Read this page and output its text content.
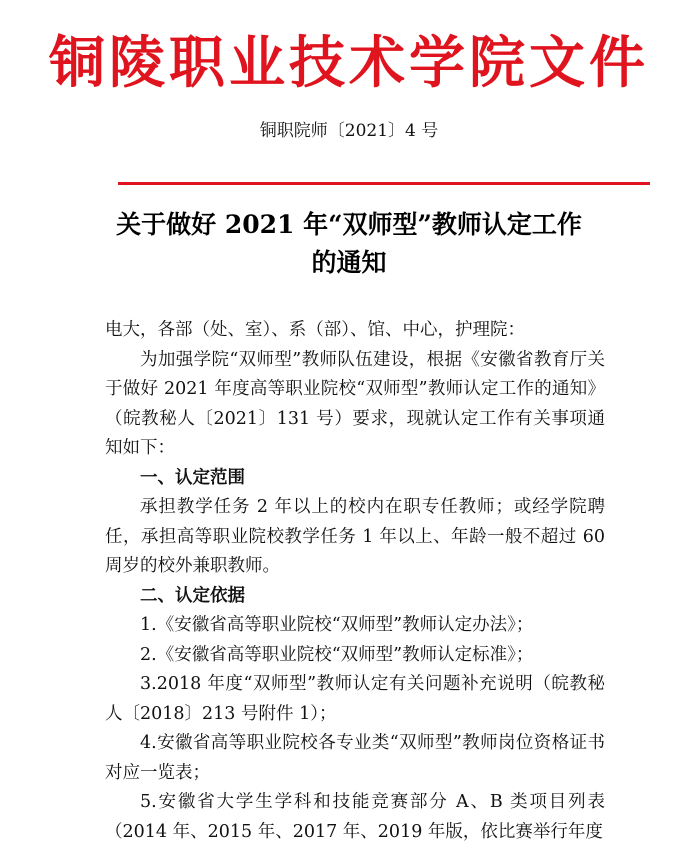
铜陵职业技术学院文件
铜职院师〔2021〕4 号
关于做好 2021 年“双师型”教师认定工作
的通知

电大，各部（处、室）、系（部）、馆、中心，护理院：

为加强学院“双师型”教师队伍建设，根据《安徽省教育厅关于做好 2021 年度高等职业院校“双师型”教师认定工作的通知》（皖教秘人〔2021〕131 号）要求，现就认定工作有关事项通知如下：

一、认定范围

承担教学任务 2 年以上的校内在职专任教师；或经学院聘任，承担高等职业院校教学任务 1 年以上、年龄一般不超过 60 周岁的校外兼职教师。

二、认定依据

1.《安徽省高等职业院校“双师型”教师认定办法》；

2.《安徽省高等职业院校“双师型”教师认定标准》；

3.2018 年度“双师型”教师认定有关问题补充说明（皖教秘人〔2018〕213 号附件 1）；

4.安徽省高等职业院校各专业类“双师型”教师岗位资格证书对应一览表；

5.安徽省大学生学科和技能竞赛部分 A、B 类项目列表（2014 年、2015 年、2017 年、2019 年版，依比赛举行年度
